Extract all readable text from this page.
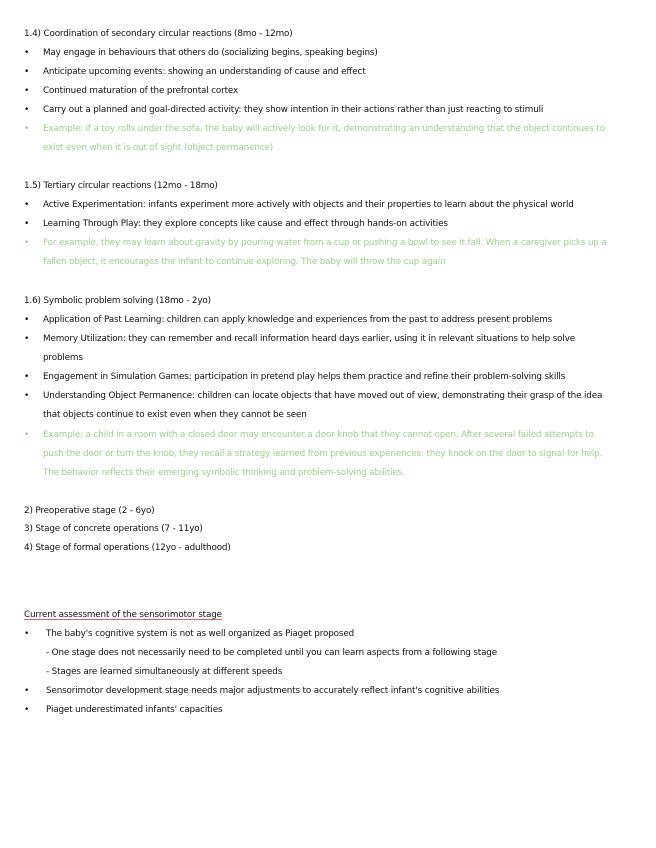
1.4) Coordination of secondary circular reactions (8mo - 12mo)
•	May engage in behaviours that others do (socializing begins, speaking begins)
•	Anticipate upcoming events: showing an understanding of cause and effect
•	Continued maturation of the prefrontal cortex
•	Carry out a planned and goal-directed activity: they show intention in their actions rather than just reacting to stimuli
•	Example: if a toy rolls under the sofa, the baby will actively look for it, demonstrating an understanding that the object continues to
exist even when it is out of sight (object permanence)
1.5) Tertiary circular reactions (12mo - 18mo)
•	Active Experimentation: infants experiment more actively with objects and their properties to learn about the physical world
•	Learning Through Play: they explore concepts like cause and effect through hands-on activities
•	For example, they may learn about gravity by pouring water from a cup or pushing a bowl to see it fall. When a caregiver picks up a
fallen object, it encourages the infant to continue exploring. The baby will throw the cup again
1.6) Symbolic problem solving (18mo - 2yo)
•	Application of Past Learning: children can apply knowledge and experiences from the past to address present problems
•	Memory Utilization: they can remember and recall information heard days earlier, using it in relevant situations to help solve
problems
•	Engagement in Simulation Games: participation in pretend play helps them practice and refine their problem-solving skills
•	Understanding Object Permanence: children can locate objects that have moved out of view, demonstrating their grasp of the idea
that objects continue to exist even when they cannot be seen
•	Example: a child in a room with a closed door may encounter a door knob that they cannot open. After several failed attempts to
push the door or turn the knob, they recall a strategy learned from previous experiences: they knock on the door to signal for help.
The behavior reflects their emerging symbolic thinking and problem-solving abilities.
2) Preoperative stage (2 - 6yo)
3) Stage of concrete operations (7 - 11yo)
4) Stage of formal operations (12yo - adulthood)
Current assessment of the sensorimotor stage
•	The baby's cognitive system is not as well organized as Piaget proposed
- One stage does not necessarily need to be completed until you can learn aspects from a following stage
- Stages are learned simultaneously at different speeds
•	Sensorimotor development stage needs major adjustments to accurately reflect infant's cognitive abilities
•	Piaget underestimated infants' capacities
